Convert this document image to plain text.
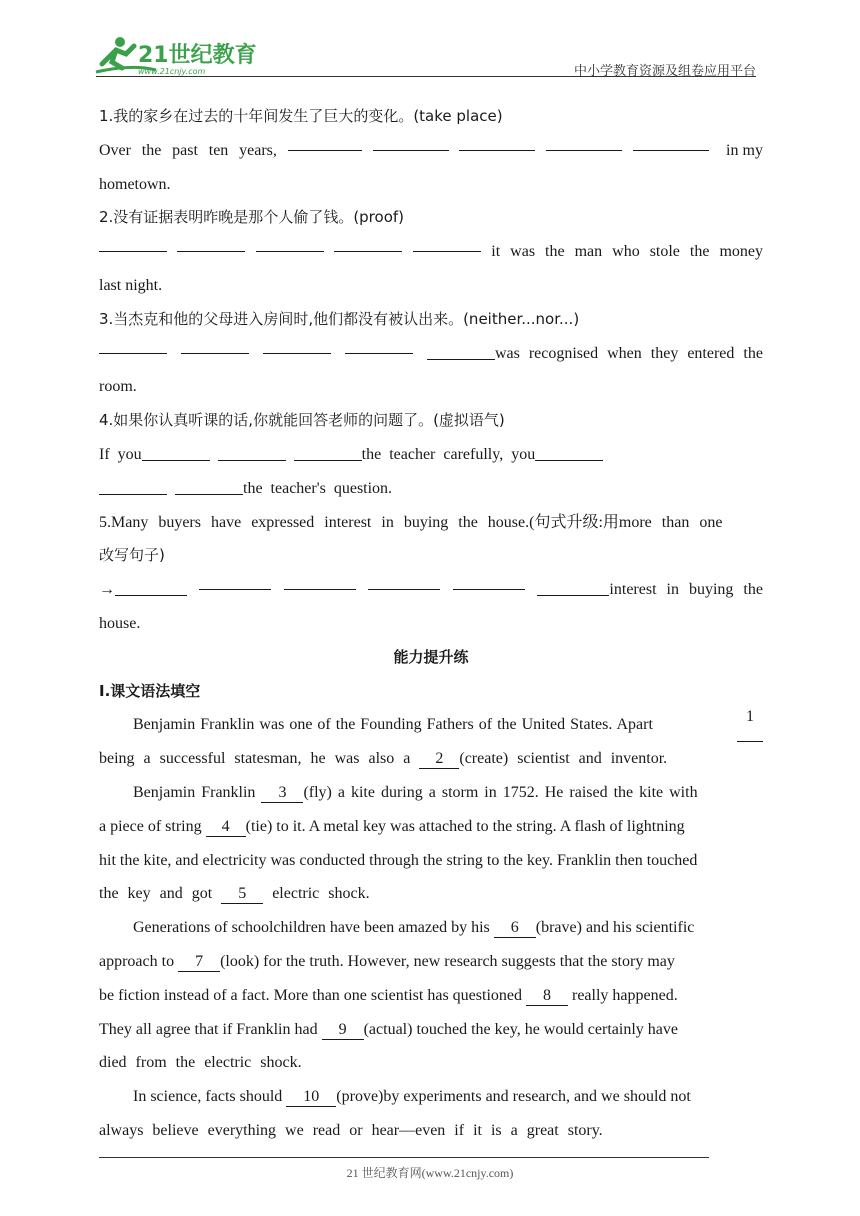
21世纪教育
www.21cnjy.com	中小学教育资源及组卷应用平台
1.我的家乡在过去的十年间发生了巨大的变化。(take place)
Over the past ten years,	in my
hometown.
2.没有证据表明昨晚是那个人偷了钱。(proof)
it was the man who stole the money
last night.
3.当杰克和他的父母进入房间时,他们都没有被认出来。(neither...nor...)
was recognised when they entered the
room.
4.如果你认真听课的话,你就能回答老师的问题了。(虚拟语气)
If you	the teacher carefully, you
the teacher's question.
5.Many buyers have expressed interest in buying the house.(句式升级:用more than one
改写句子)
→	interest in buying the
house.
能力提升练
Ⅰ.课文语法填空
Benjamin Franklin was one of the Founding Fathers of the United States. Apart	1
being a successful statesman, he was also a 2 (create) scientist and inventor.
Benjamin Franklin 3 (fly) a kite during a storm in 1752. He raised the kite with
a piece of string 4 (tie) to it. A metal key was attached to the string. A flash of lightning
hit the kite, and electricity was conducted through the string to the key. Franklin then touched
the key and got 5 electric shock.
Generations of schoolchildren have been amazed by his 6 (brave) and his scientific
approach to 7 (look) for the truth. However, new research suggests that the story may
be fiction instead of a fact. More than one scientist has questioned 8 really happened.
They all agree that if Franklin had 9 (actual) touched the key, he would certainly have
died from the electric shock.
In science, facts should 10 (prove)by experiments and research, and we should not
always believe everything we read or hear—even if it is a great story.
21 世纪教育网(www.21cnjy.com)
